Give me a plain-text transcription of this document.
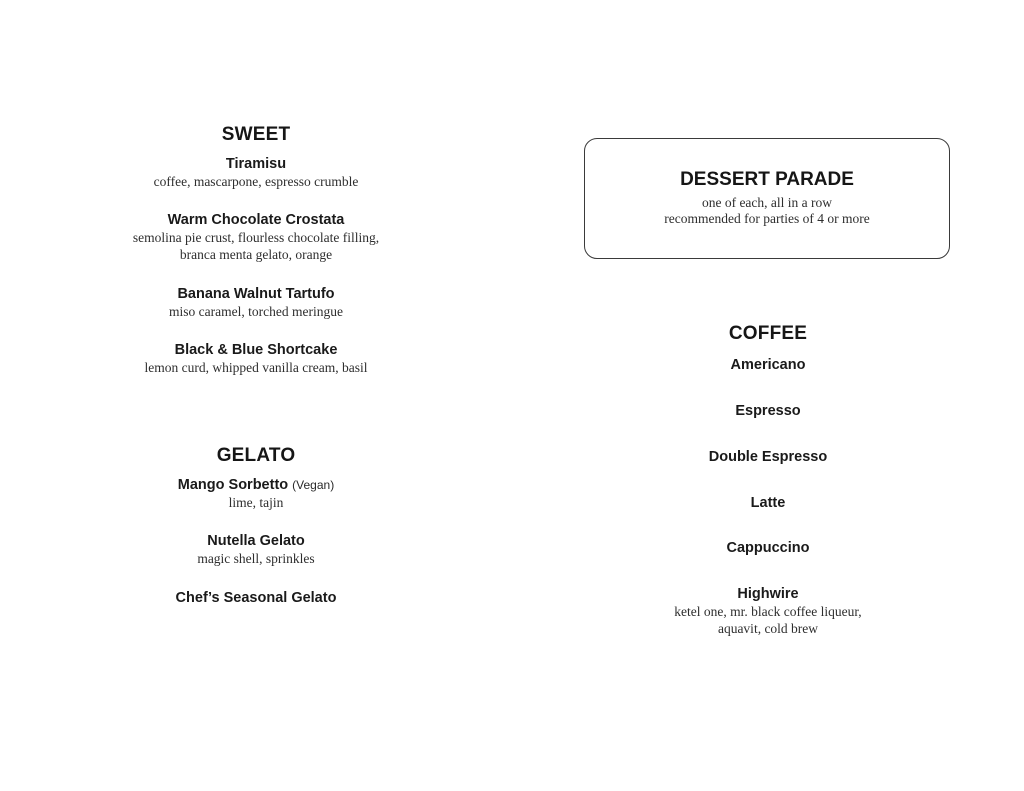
SWEET
Tiramisu
coffee, mascarpone, espresso crumble
Warm Chocolate Crostata
semolina pie crust, flourless chocolate filling,
branca menta gelato, orange
Banana Walnut Tartufo
miso caramel, torched meringue
Black & Blue Shortcake
lemon curd, whipped vanilla cream, basil
GELATO
Mango Sorbetto (Vegan)
lime, tajin
Nutella Gelato
magic shell, sprinkles
Chef’s Seasonal Gelato
DESSERT PARADE
one of each, all in a row
recommended for parties of 4 or more
COFFEE
Americano
Espresso
Double Espresso
Latte
Cappuccino
Highwire
ketel one, mr. black coffee liqueur,
aquavit, cold brew
